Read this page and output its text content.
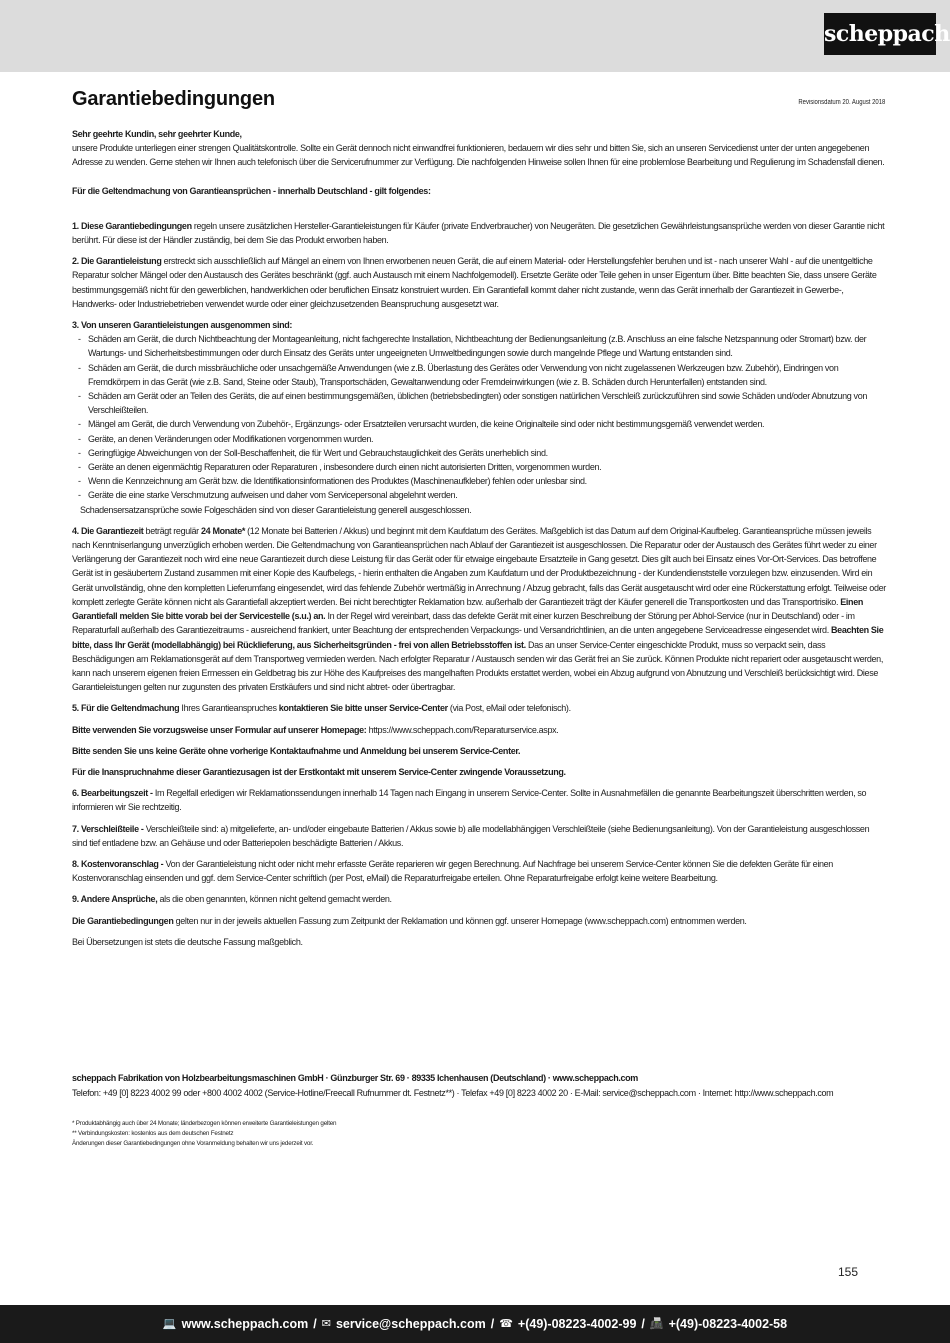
scheppach
Garantiebedingungen	Revisionsdatum 20. August 2018

Sehr geehrte Kundin, sehr geehrter Kunde,

unsere Produkte unterliegen einer strengen Qualitätskontrolle. Sollte ein Gerät dennoch nicht einwandfrei funktionieren, bedauern wir dies sehr und bitten Sie, sich an unseren Servicedienst unter der unten angegebenen Adresse zu wenden. Gerne stehen wir Ihnen auch telefonisch über die Servicerufnummer zur Verfügung. Die nachfolgenden Hinweise sollen Ihnen für eine problemlose Bearbeitung und Regulierung im Schadensfall dienen.

Für die Geltendmachung von Garantieansprüchen - innerhalb Deutschland - gilt folgendes:

1. Diese Garantiebedingungen regeln unsere zusätzlichen Hersteller-Garantieleistungen für Käufer (private Endverbraucher) von Neugeräten. Die gesetzlichen Gewährleistungsansprüche werden von dieser Garantie nicht berührt. Für diese ist der Händler zuständig, bei dem Sie das Produkt erworben haben.

2. Die Garantieleistung erstreckt sich ausschließlich auf Mängel an einem von Ihnen erworbenen neuen Gerät, die auf einem Material- oder Herstellungsfehler beruhen und ist - nach unserer Wahl - auf die unentgeltliche Reparatur solcher Mängel oder den Austausch des Gerätes beschränkt (ggf. auch Austausch mit einem Nachfolgemodell). Ersetzte Geräte oder Teile gehen in unser Eigentum über. Bitte beachten Sie, dass unsere Geräte bestimmungsgemäß nicht für den gewerblichen, handwerklichen oder beruflichen Einsatz konstruiert wurden. Ein Garantiefall kommt daher nicht zustande, wenn das Gerät innerhalb der Garantiezeit in Gewerbe-, Handwerks- oder Industriebetrieben verwendet wurde oder einer gleichzusetzenden Beanspruchung ausgesetzt war.

3. Von unseren Garantieleistungen ausgenommen sind:

- Schäden am Gerät, die durch Nichtbeachtung der Montageanleitung, nicht fachgerechte Installation, Nichtbeachtung der Bedienungsanleitung (z.B. Anschluss an eine falsche Netzspannung oder Stromart) bzw. der Wartungs- und Sicherheitsbestimmungen oder durch Einsatz des Geräts unter ungeeigneten Umweltbedingungen sowie durch mangelnde Pflege und Wartung entstanden sind.
- Schäden am Gerät, die durch missbräuchliche oder unsachgemäße Anwendungen (wie z.B. Überlastung des Gerätes oder Verwendung von nicht zugelassenen Werkzeugen bzw. Zubehör), Eindringen von Fremdkörpern in das Gerät (wie z.B. Sand, Steine oder Staub), Transportschäden, Gewaltanwendung oder Fremdeinwirkungen (wie z. B. Schäden durch Herunterfallen) entstanden sind.
- Schäden am Gerät oder an Teilen des Geräts, die auf einen bestimmungsgemäßen, üblichen (betriebsbedingten) oder sonstigen natürlichen Verschleiß zurückzuführen sind sowie Schäden und/oder Abnutzung von Verschleißteilen.
- Mängel am Gerät, die durch Verwendung von Zubehör-, Ergänzungs- oder Ersatzteilen verursacht wurden, die keine Originalteile sind oder nicht bestimmungsgemäß verwendet werden.
- Geräte, an denen Veränderungen oder Modifikationen vorgenommen wurden.
- Geringfügige Abweichungen von der Soll-Beschaffenheit, die für Wert und Gebrauchstauglichkeit des Geräts unerheblich sind.
- Geräte an denen eigenmächtig Reparaturen oder Reparaturen , insbesondere durch einen nicht autorisierten Dritten, vorgenommen wurden.
- Wenn die Kennzeichnung am Gerät bzw. die Identifikationsinformationen des Produktes (Maschinenaufkleber) fehlen oder unlesbar sind.
- Geräte die eine starke Verschmutzung aufweisen und daher vom Servicepersonal abgelehnt werden.

Schadensersatzansprüche sowie Folgeschäden sind von dieser Garantieleistung generell ausgeschlossen.

4. Die Garantiezeit beträgt regulär 24 Monate* (12 Monate bei Batterien / Akkus) und beginnt mit dem Kaufdatum des Gerätes. Maßgeblich ist das Datum auf dem Original-Kaufbeleg. Garantieansprüche müssen jeweils nach Kenntniserlangung unverzüglich erhoben werden. Die Geltendmachung von Garantieansprüchen nach Ablauf der Garantiezeit ist ausgeschlossen. Die Reparatur oder der Austausch des Gerätes führt weder zu einer Verlängerung der Garantiezeit noch wird eine neue Garantiezeit durch diese Leistung für das Gerät oder für etwaige eingebaute Ersatzteile in Gang gesetzt. Dies gilt auch bei Einsatz eines Vor-Ort-Services. Das betroffene Gerät ist in gesäubertem Zustand zusammen mit einer Kopie des Kaufbelegs, - hierin enthalten die Angaben zum Kaufdatum und der Produktbezeichnung - der Kundendienststelle vorzulegen bzw. einzusenden. Wird ein Gerät unvollständig, ohne den kompletten Lieferumfang eingesendet, wird das fehlende Zubehör wertmäßig in Anrechnung / Abzug gebracht, falls das Gerät ausgetauscht wird oder eine Rückerstattung erfolgt. Teilweise oder komplett zerlegte Geräte können nicht als Garantiefall akzeptiert werden. Bei nicht berechtigter Reklamation bzw. außerhalb der Garantiezeit trägt der Käufer generell die Transportkosten und das Transportrisiko. Einen Garantiefall melden Sie bitte vorab bei der Servicestelle (s.u.) an. In der Regel wird vereinbart, dass das defekte Gerät mit einer kurzen Beschreibung der Störung per Abhol-Service (nur in Deutschland) oder - im Reparaturfall außerhalb des Garantiezeitraums - ausreichend frankiert, unter Beachtung der entsprechenden Verpackungs- und Versandrichtlinien, an die unten angegebene Serviceadresse eingesendet wird. Beachten Sie bitte, dass Ihr Gerät (modellabhängig) bei Rücklieferung, aus Sicherheitsgründen - frei von allen Betriebsstoffen ist. Das an unser Service-Center eingeschickte Produkt, muss so verpackt sein, dass Beschädigungen am Reklamationsgerät auf dem Transportweg vermieden werden. Nach erfolgter Reparatur / Austausch senden wir das Gerät frei an Sie zurück. Können Produkte nicht repariert oder ausgetauscht werden, kann nach unserem eigenen freien Ermessen ein Geldbetrag bis zur Höhe des Kaufpreises des mangelhaften Produkts erstattet werden, wobei ein Abzug aufgrund von Abnutzung und Verschleiß berücksichtigt wird. Diese Garantieleistungen gelten nur zugunsten des privaten Erstkäufers und sind nicht abtret- oder übertragbar.

5. Für die Geltendmachung Ihres Garantieanspruches kontaktieren Sie bitte unser Service-Center (via Post, eMail oder telefonisch).

Bitte verwenden Sie vorzugsweise unser Formular auf unserer Homepage: https://www.scheppach.com/Reparaturservice.aspx.

Bitte senden Sie uns keine Geräte ohne vorherige Kontaktaufnahme und Anmeldung bei unserem Service-Center.

Für die Inanspruchnahme dieser Garantiezusagen ist der Erstkontakt mit unserem Service-Center zwingende Voraussetzung.

6. Bearbeitungszeit - Im Regelfall erledigen wir Reklamationssendungen innerhalb 14 Tagen nach Eingang in unserem Service-Center. Sollte in Ausnahmefällen die genannte Bearbeitungszeit überschritten werden, so informieren wir Sie rechtzeitig.

7. Verschleißteile - Verschleißteile sind: a) mitgelieferte, an- und/oder eingebaute Batterien / Akkus sowie b) alle modellabhängigen Verschleißteile (siehe Bedienungsanleitung). Von der Garantieleistung ausgeschlossen sind tief entladene bzw. an Gehäuse und oder Batteriepolen beschädigte Batterien / Akkus.

8. Kostenvoranschlag - Von der Garantieleistung nicht oder nicht mehr erfasste Geräte reparieren wir gegen Berechnung. Auf Nachfrage bei unserem Service-Center können Sie die defekten Geräte für einen Kostenvoranschlag einsenden und ggf. dem Service-Center schriftlich (per Post, eMail) die Reparaturfreigabe erteilen. Ohne Reparaturfreigabe erfolgt keine weitere Bearbeitung.

9. Andere Ansprüche, als die oben genannten, können nicht geltend gemacht werden.

Die Garantiebedingungen gelten nur in der jeweils aktuellen Fassung zum Zeitpunkt der Reklamation und können ggf. unserer Homepage (www.scheppach.com) entnommen werden.

Bei Übersetzungen ist stets die deutsche Fassung maßgeblich.

scheppach Fabrikation von Holzbearbeitungsmaschinen GmbH · Günzburger Str. 69 · 89335 Ichenhausen (Deutschland) · www.scheppach.com

Telefon: +49 [0] 8223 4002 99 oder +800 4002 4002 (Service-Hotline/Freecall Rufnummer dt. Festnetz**) · Telefax +49 [0] 8223 4002 20 · E-Mail: service@scheppach.com · Internet: http://www.scheppach.com

* Produktabhängig auch über 24 Monate; länderbezogen können erweiterte Garantieleistungen gelten

** Verbindungskosten: kostenlos aus dem deutschen Festnetz

Änderungen dieser Garantiebedingungen ohne Voranmeldung behalten wir uns jederzeit vor.

155
💻 www.scheppach.com / ✉ service@scheppach.com / ☎ +(49)-08223-4002-99 / 📠 +(49)-08223-4002-58
